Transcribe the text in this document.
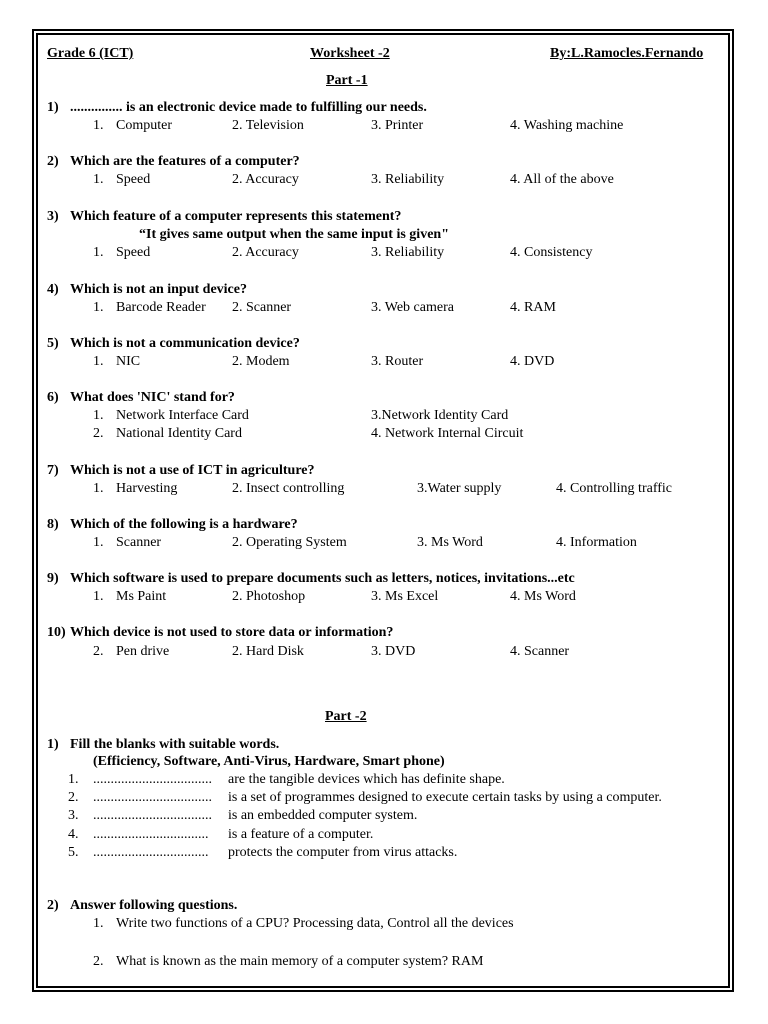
Grade 6 (ICT)	Worksheet -2	By:L.Ramocles.Fernando
Part -1
1) ............... is an electronic device made to fulfilling our needs.
1. Computer	2. Television	3. Printer	4. Washing machine
2) Which are the features of a computer?
1. Speed	2. Accuracy	3. Reliability	4. All of the above
3) Which feature of a computer represents this statement?
“It gives same output when the same input is given"
1. Speed	2. Accuracy	3. Reliability	4. Consistency
4) Which is not an input device?
1. Barcode Reader 2. Scanner	3. Web camera	4. RAM
5) Which is not a communication device?
1. NIC	2. Modem	3. Router	4. DVD
6) What does 'NIC' stand for?
1. Network Interface Card	3.Network Identity Card
2. National Identity Card	4. Network Internal Circuit
7) Which is not a use of ICT in agriculture?
1. Harvesting	2. Insect controlling	3.Water supply	4. Controlling traffic
8) Which of the following is a hardware?
1. Scanner	2. Operating System	3. Ms Word	4. Information
9) Which software is used to prepare documents such as letters, notices, invitations...etc
1. Ms Paint	2. Photoshop	3. Ms Excel	4. Ms Word
10) Which device is not used to store data or information?
2. Pen drive	2. Hard Disk	3. DVD	4. Scanner
Part -2
1) Fill the blanks with suitable words.
(Efficiency, Software, Anti-Virus, Hardware, Smart phone)
1. .................................. are the tangible devices which has definite shape.
2. .................................. is a set of programmes designed to execute certain tasks by using a computer.
3. .................................. is an embedded computer system.
4. ................................. is a feature of a computer.
5. ................................. protects the computer from virus attacks.
2) Answer following questions.
1. Write two functions of a CPU? Processing data, Control all the devices
2. What is known as the main memory of a computer system? RAM
